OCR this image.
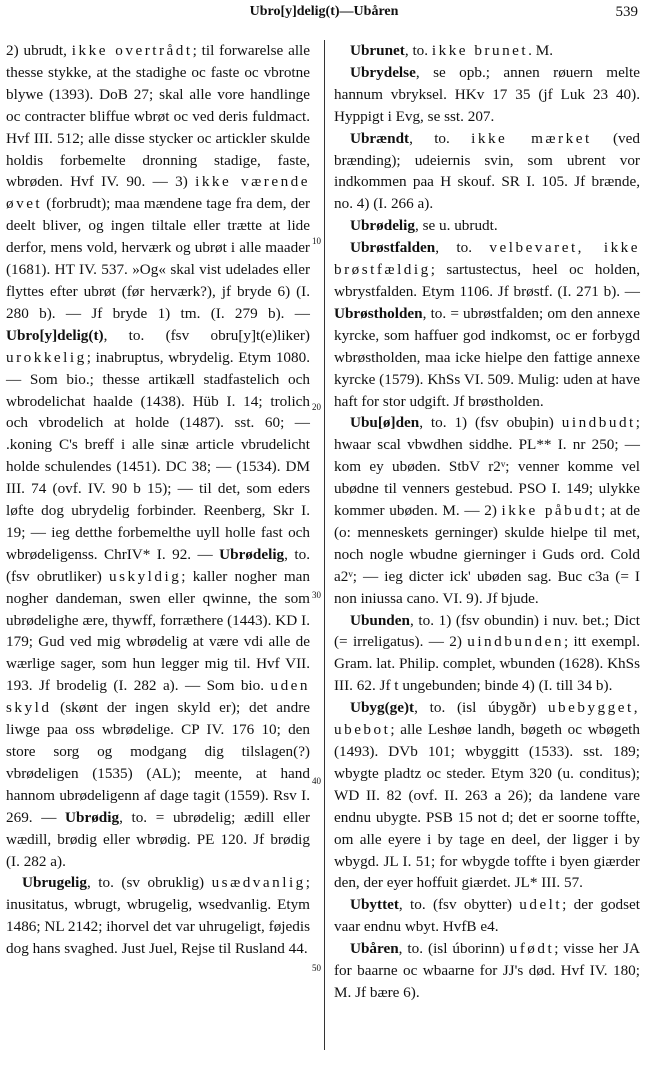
Ubro[y]delig(t)—Ubåren	539

2) ubrudt, ikke overtrådt; til forwarelse alle thesse stykke, at the stadighe oc faste oc vbrotne blywe (1393). DoB 27; skal alle vore handlinge oc contracter bliffue wbrøt oc ved deris fuldmact. Hvf III. 512; alle disse stycker oc artickler skulde holdis forbemelte dronning stadige, faste, wbrøden. Hvf IV. 90. — 3) ikke værende øvet (forbrudt); maa mændene tage fra dem, der deelt bliver, og ingen tiltale eller trætte at lide derfor, mens vold, herværk og ubrøt i alle maader (1681). HT IV. 537. »Og« skal vist udelades eller flyttes efter ubrøt (før herværk?), jf bryde 6) (I. 280 b). — Jf bryde 1) tm. (I. 279 b). — Ubro[y]delig(t), to. (fsv obru[y]t(e)liker) urokkelig; inabruptus, wbrydelig. Etym 1080. — Som bio.; thesse artikæll stadfastelich och wbrodelichat haalde (1438). Hüb I. 14; trolich och vbrodelich at holde (1487). sst. 60; — .koning C's breff i alle sinæ article vbrudelicht holde schulendes (1451). DC 38; — (1534). DM III. 74 (ovf. IV. 90 b 15); — til det, som eders løfte dog ubrydelig forbinder. Reenberg, Skr I. 19; — ieg detthe forbemelthe uyll holle fast och wbrødeligenss. ChrIV* I. 92. — Ubrødelig, to. (fsv obrutliker) uskyldig; kaller nogher man nogher dandeman, swen eller qwinne, the som ubrødelighe ære, thywff, forræthere (1443). KD I. 179; Gud ved mig wbrødelig at være vdi alle de wærlige sager, som hun legger mig til. Hvf VII. 193. Jf brodelig (I. 282 a). — Som bio. uden skyld (skønt der ingen skyld er); det andre liwge paa oss wbrødelige. CP IV. 176 10; den store sorg og modgang dig tilslagen(?) vbrødeligen (1535) (AL); meente, at hand hannom ubrødeligenn af dage tagit (1559). Rsv I. 269. — Ubrødig, to. = ubrødelig; ædill eller wædill, brødig eller wbrødig. PE 120. Jf brødig (I. 282 a).

Ubrugelig, to. (sv obruklig) usædvanlig; inusitatus, wbrugt, wbrugelig, wsedvanlig. Etym 1486; NL 2142; ihorvel det var uhrugeligt, føjedis dog hans svaghed. Just Juel, Rejse til Rusland 44.

Ubrunet, to. ikke brunet. M.

Ubrydelse, se opb.; annen røuern melte hannum vbryksel. HKv 17 35 (jf Luk 23 40). Hyppigt i Evg, se sst. 207.

Ubrændt, to. ikke mærket (ved brænding); udeiernis svin, som ubrent vor indkommen paa H skouf. SR I. 105. Jf brænde, no. 4) (I. 266 a).

Ubrødelig, se u. ubrudt.

Ubrøstfalden, to. velbevaret, ikke brøstfældig; sartustectus, heel oc holden, wbrystfalden. Etym 1106. Jf brøstf. (I. 271 b). — Ubrøstholden, to. = ubrøstfalden; om den annexe kyrcke, som haffuer god indkomst, oc er forbygd wbrøstholden, maa icke hielpe den fattige annexe kyrcke (1579). KhSs VI. 509. Mulig: uden at have haft for stor udgift. Jf brøstholden.

Ubu[ø]den, to. 1) (fsv obuþin) uindbudt; hwaar scal vbwdhen siddhe. PL** I. nr 250; — kom ey ubøden. StbV r2ᵛ; venner komme vel ubødne til venners gestebud. PSO I. 149; ulykke kommer ubøden. M. — 2) ikke påbudt; at de (o: menneskets gerninger) skulde hielpe til met, noch nogle wbudne gierninger i Guds ord. Cold a2ᵛ; — ieg dicter ick' ubøden sag. Buc c3a (= I non iniussa cano. VI. 9). Jf bjude.

Ubunden, to. 1) (fsv obundin) i nuv. bet.; Dict (= irreligatus). — 2) uindbunden; itt exempl. Gram. lat. Philip. complet, wbunden (1628). KhSs III. 62. Jf t ungebunden; binde 4) (I. till 34 b).

Ubyg(ge)t, to. (isl úbygðr) ubebygget, ubebot; alle Leshøe landh, bøgeth oc wbøgeth (1493). DVb 101; wbyggitt (1533). sst. 189; wbygte pladtz oc steder. Etym 320 (u. conditus); WD II. 82 (ovf. II. 263 a 26); da landene vare endnu ubygte. PSB 15 not d; det er soorne toffte, om alle eyere i by tage en deel, der ligger i by wbygd. JL I. 51; for wbygde toffte i byen giærder den, der eyer hoffuit giærdet. JL* III. 57.

Ubyttet, to. (fsv obytter) udelt; der godset vaar endnu wbyt. HvfB e4.

Ubåren, to. (isl úborinn) ufødt; visse her JA for baarne oc wbaarne for JJ's død. Hvf IV. 180; M. Jf bære 6).

10
20
30
40
50
